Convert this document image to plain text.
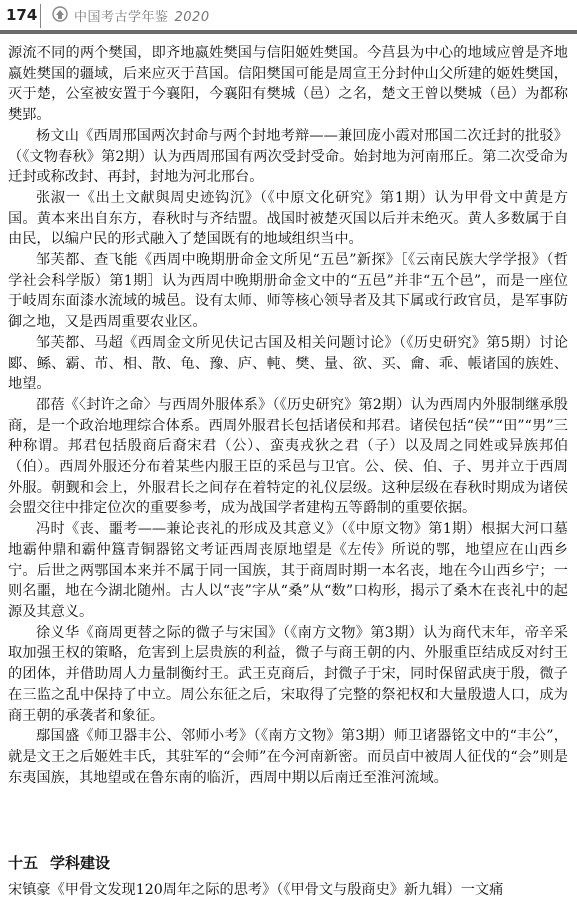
174	中国考古学年鉴 2020

源流不同的两个樊国，即齐地嬴姓樊国与信阳姬姓樊国。今莒县为中心的地域应曾是齐地嬴姓樊国的疆域，后来应灭于莒国。信阳樊国可能是周宣王分封仲山父所建的姬姓樊国，灭于楚，公室被安置于今襄阳，今襄阳有樊城（邑）之名，楚文王曾以樊城（邑）为都称樊郢。

杨文山《西周邢国两次封命与两个封地考辩——兼回庞小霞对邢国二次迁封的批驳》（《文物春秋》第2期）认为西周邢国有两次受封受命。始封地为河南邢丘。第二次受命为迁封或称改封、再封，封地为河北邢台。

张淑一《出土文献與周史迹钩沉》（《中原文化研究》第1期）认为甲骨文中黄是方国。黄本来出自东方，春秋时与齐结盟。战国时被楚灭国以后并未绝灭。黄人多数属于自由民，以编户民的形式融入了楚国既有的地域组织当中。

邹芙都、查飞能《西周中晚期册命金文所见“五邑”新探》［《云南民族大学学报》（哲学社会科学版）第1期］认为西周中晚期册命金文中的“五邑”并非“五个邑”，而是一座位于岐周东面漆水流域的城邑。设有太师、师等核心领导者及其下属或行政官员，是军事防御之地，又是西周重要农业区。

邹芙都、马超《西周金文所见伕记古国及相关问题讨论》（《历史研究》第5期）讨论郾、鲧、霸、芇、相、散、龟、豫、庐、軘、樊、量、欲、买、龠、乖、帳诸国的族姓、地望。

邵蓓《〈封许之命〉与西周外服体系》（《历史研究》第2期）认为西周内外服制继承殷商，是一个政治地理综合体系。西周外服君长包括诸侯和邦君。诸侯包括“侯”“田”“男”三种称谓。邦君包括殷商后裔宋君（公）、蛮夷戎狄之君（子）以及周之同姓或异族邦伯（伯）。西周外服还分布着某些内服王臣的采邑与卫官。公、侯、伯、子、男并立于西周外服。朝觐和会上，外服君长之间存在着特定的礼仪层级。这种层级在春秋时期成为诸侯会盟交往中排定位次的重要参考，成为战国学者建构五等爵制的重要依据。

冯时《丧、噩考——兼论丧礼的形成及其意义》（《中原文物》第1期）根据大河口墓地霸仲鼎和霸仲簋青铜器铭文考证西周丧原地望是《左传》所说的鄂，地望应在山西乡宁。后世之两鄂国本来并不属于同一国族，其于商周时期一本名丧，地在今山西乡宁；一则名噩，地在今湖北随州。古人以“丧”字从“桑”从“数”口构形，揭示了桑木在丧礼中的起源及其意义。

徐义华《商周更替之际的微子与宋国》（《南方文物》第3期）认为商代末年，帝辛采取加强王权的策略，危害到上层贵族的利益，微子与商王朝的内、外服重臣结成反对纣王的团体，并借助周人力量制衡纣王。武王克商后，封微子于宋，同时保留武庚于殷，微子在三监之乱中保持了中立。周公东征之后，宋取得了完整的祭祀权和大量殷遗人口，成为商王朝的承袭者和象征。

鄢国盛《师卫器丰公、邻师小考》（《南方文物》第3期）师卫诸器铭文中的“丰公”，就是文王之后姬姓丰氏，其驻军的“会师”在今河南新密。而员卣中被周人征伐的“会”则是东夷国族，其地望或在鲁东南的临沂，西周中期以后南迁至淮河流域。

十五 学科建设
宋镇豪《甲骨文发现120周年之际的思考》（《甲骨文与殷商史》新九辑）一文痛
